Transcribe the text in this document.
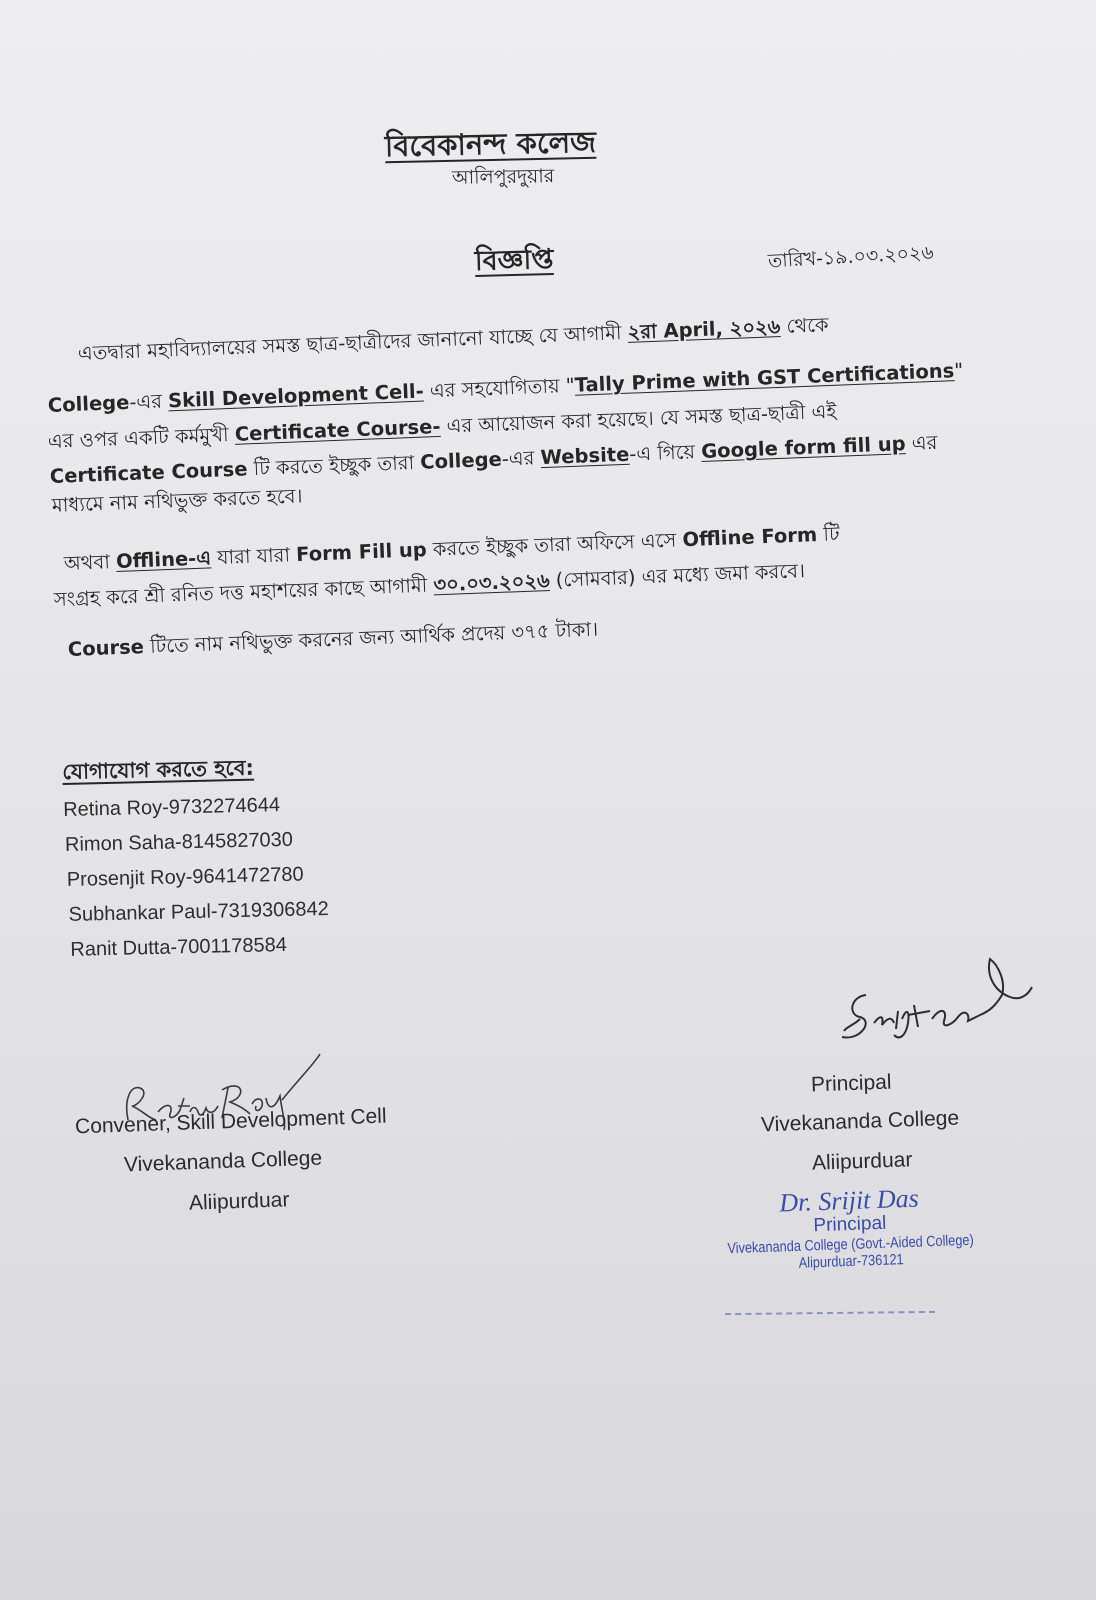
বিবেকানন্দ কলেজ
আলিপুরদুয়ার
বিজ্ঞপ্তি	তারিখ-১৯.০৩.২০২৬
এতদ্বারা মহাবিদ্যালয়ের সমস্ত ছাত্র-ছাত্রীদের জানানো যাচ্ছে যে আগামী ২রা April, ২০২৬ থেকে
College-এর Skill Development Cell- এর সহযোগিতায় "Tally Prime with GST Certifications"
এর ওপর একটি কর্মমুখী Certificate Course- এর আয়োজন করা হয়েছে। যে সমস্ত ছাত্র-ছাত্রী এই
Certificate Course টি করতে ইচ্ছুক তারা College-এর Website-এ গিয়ে Google form fill up এর
মাধ্যমে নাম নথিভুক্ত করতে হবে।
অথবা Offline-এ যারা যারা Form Fill up করতে ইচ্ছুক তারা অফিসে এসে Offline Form টি
সংগ্রহ করে শ্রী রনিত দত্ত মহাশয়ের কাছে আগামী ৩০.০৩.২০২৬ (সোমবার) এর মধ্যে জমা করবে।
Course টিতে নাম নথিভুক্ত করনের জন্য আর্থিক প্রদেয় ৩৭৫ টাকা।
যোগাযোগ করতে হবে:
Retina Roy-9732274644
Rimon Saha-8145827030
Prosenjit Roy-9641472780
Subhankar Paul-7319306842
Ranit Dutta-7001178584
Convener, Skill Development Cell
Vivekananda College
Aliipurduar
Principal
Vivekananda College
Aliipurduar
Dr. Srijit Das
Principal
Vivekananda College (Govt.-Aided College)
Alipurduar-736121
